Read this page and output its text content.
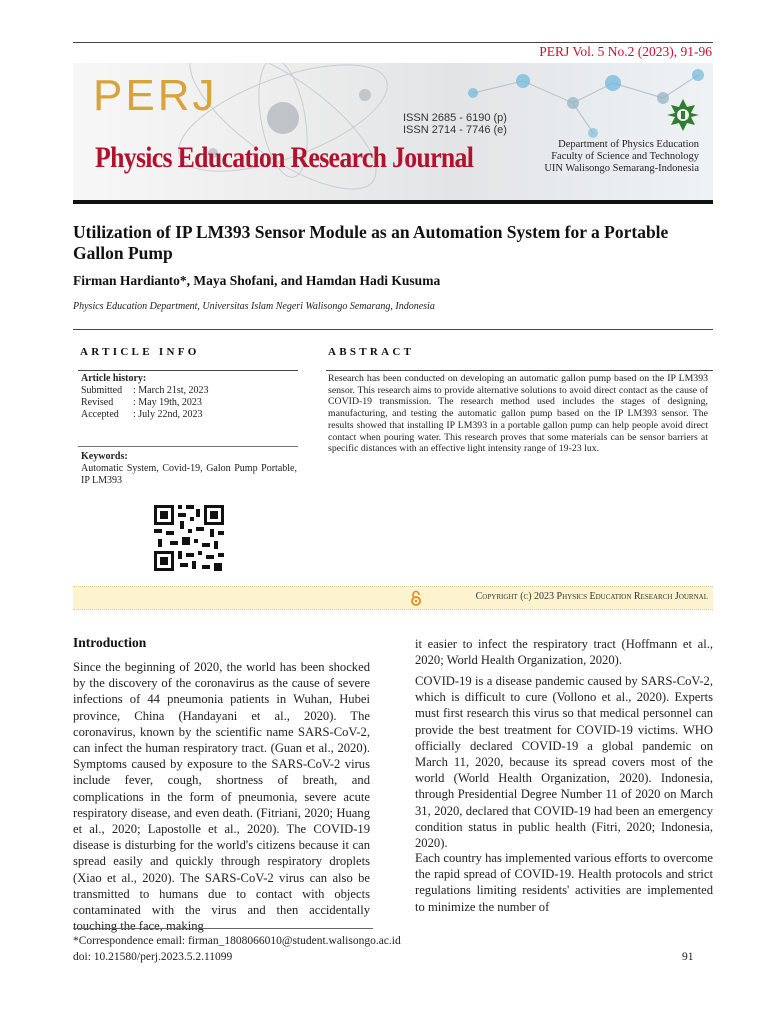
PERJ Vol. 5 No.2 (2023), 91-96
PERJ	ISSN 2685 - 6190 (p)
ISSN 2714 - 7746 (e)
Physics Education Research Journal	Department of Physics Education
Faculty of Science and Technology
UIN Walisongo Semarang-Indonesia
Utilization of IP LM393 Sensor Module as an Automation System for a Portable Gallon Pump
Firman Hardianto*, Maya Shofani, and Hamdan Hadi Kusuma
Physics Education Department, Universitas Islam Negeri Walisongo Semarang, Indonesia
ARTICLE INFO	ABSTRACT
Article history:
Submitted : March 21st, 2023
Revised : May 19th, 2023
Accepted : July 22nd, 2023
Keywords:
Automatic System, Covid-19, Galon Pump Portable, IP LM393
Research has been conducted on developing an automatic gallon pump based on the IP LM393 sensor. This research aims to provide alternative solutions to avoid direct contact as the cause of COVID-19 transmission. The research method used includes the stages of designing, manufacturing, and testing the automatic gallon pump based on the IP LM393 sensor. The results showed that installing IP LM393 in a portable gallon pump can help people avoid direct contact when pouring water. This research proves that some materials can be sensor barriers at specific distances with an effective light intensity range of 19-23 lux.
Copyright (c) 2023 Physics Education Research Journal
Introduction
Since the beginning of 2020, the world has been shocked by the discovery of the coronavirus as the cause of severe infections of 44 pneumonia patients in Wuhan, Hubei province, China (Handayani et al., 2020). The coronavirus, known by the scientific name SARS-CoV-2, can infect the human respiratory tract. (Guan et al., 2020). Symptoms caused by exposure to the SARS-CoV-2 virus include fever, cough, shortness of breath, and complications in the form of pneumonia, severe acute respiratory disease, and even death. (Fitriani, 2020; Huang et al., 2020; Lapostolle et al., 2020). The COVID-19 disease is disturbing for the world's citizens because it can spread easily and quickly through respiratory droplets (Xiao et al., 2020). The SARS-CoV-2 virus can also be transmitted to humans due to contact with objects contaminated with the virus and then accidentally touching the face, making
it easier to infect the respiratory tract (Hoffmann et al., 2020; World Health Organization, 2020).
COVID-19 is a disease pandemic caused by SARS-CoV-2, which is difficult to cure (Vollono et al., 2020). Experts must first research this virus so that medical personnel can provide the best treatment for COVID-19 victims. WHO officially declared COVID-19 a global pandemic on March 11, 2020, because its spread covers most of the world (World Health Organization, 2020). Indonesia, through Presidential Degree Number 11 of 2020 on March 31, 2020, declared that COVID-19 had been an emergency condition status in public health (Fitri, 2020; Indonesia, 2020).
Each country has implemented various efforts to overcome the rapid spread of COVID-19. Health protocols and strict regulations limiting residents' activities are implemented to minimize the number of
*Correspondence email: firman_1808066010@student.walisongo.ac.id
doi: 10.21580/perj.2023.5.2.11099	91
